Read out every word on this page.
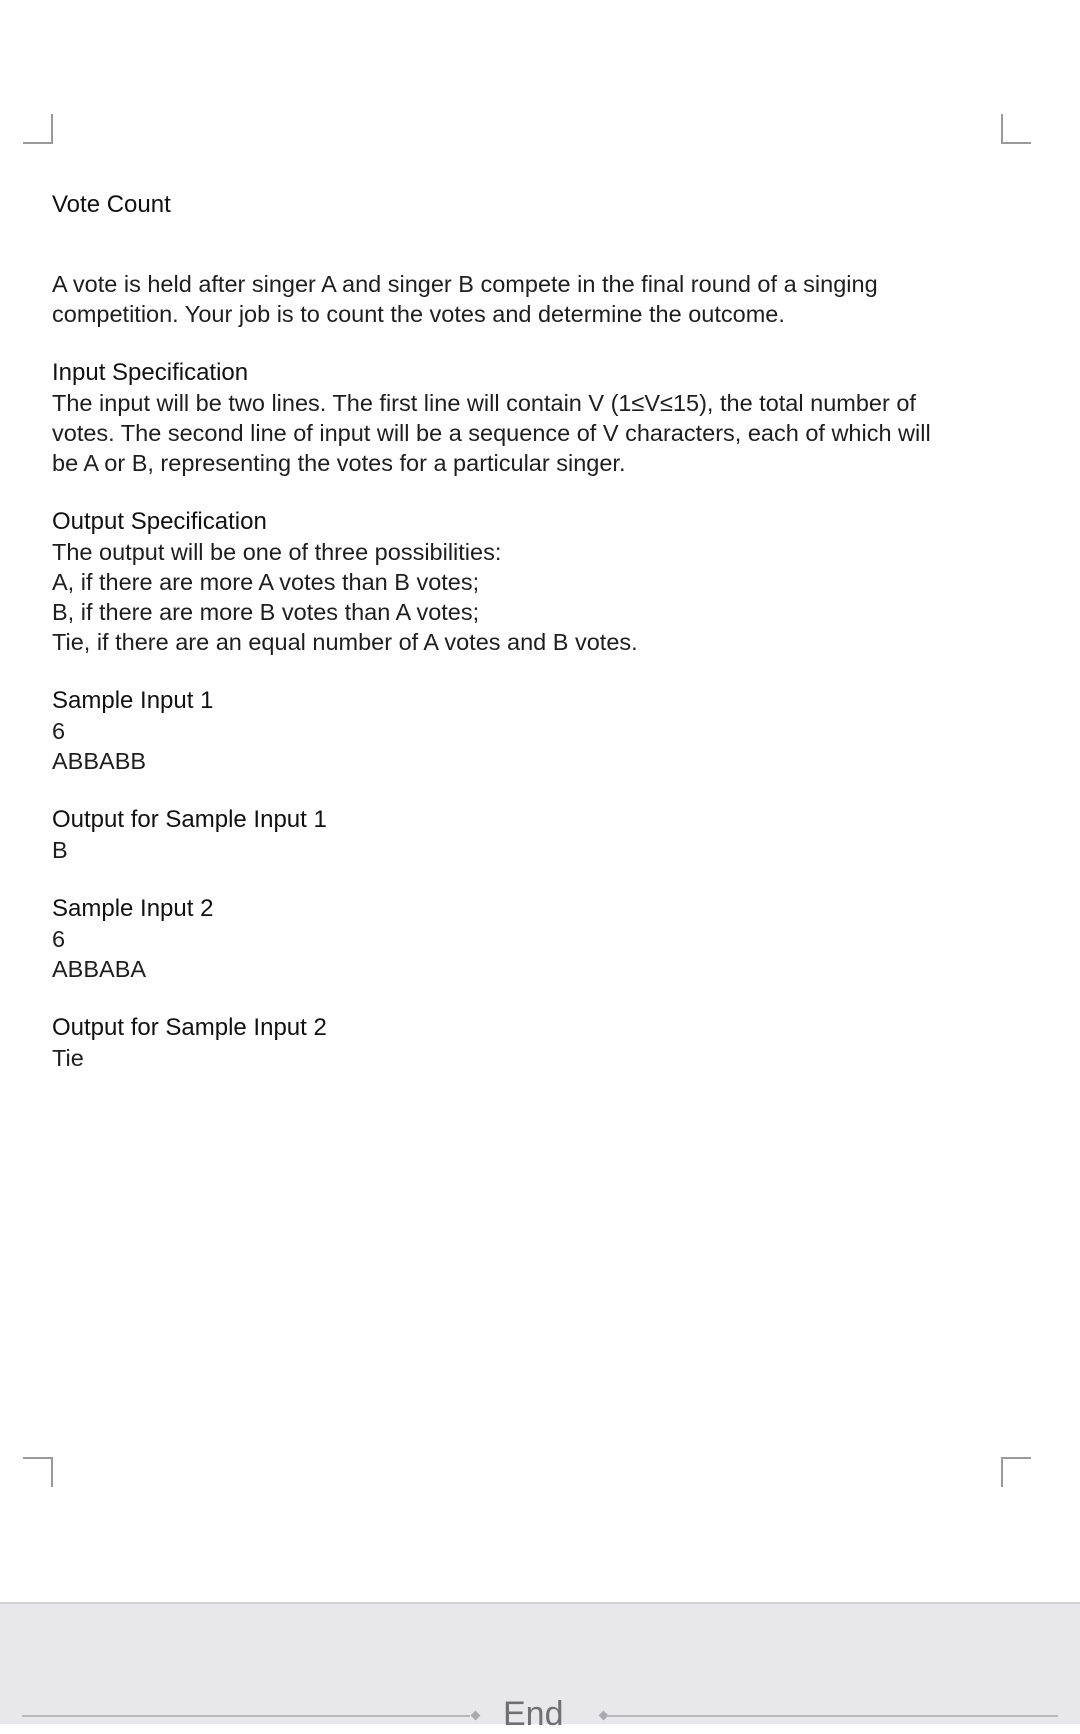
Vote Count
A vote is held after singer A and singer B compete in the final round of a singing
competition. Your job is to count the votes and determine the outcome.
Input Specification
The input will be two lines. The first line will contain V (1≤V≤15), the total number of
votes. The second line of input will be a sequence of V characters, each of which will
be A or B, representing the votes for a particular singer.
Output Specification
The output will be one of three possibilities:
A, if there are more A votes than B votes;
B, if there are more B votes than A votes;
Tie, if there are an equal number of A votes and B votes.
Sample Input 1
6
ABBABB
Output for Sample Input 1
B
Sample Input 2
6
ABBABA
Output for Sample Input 2
Tie
End
